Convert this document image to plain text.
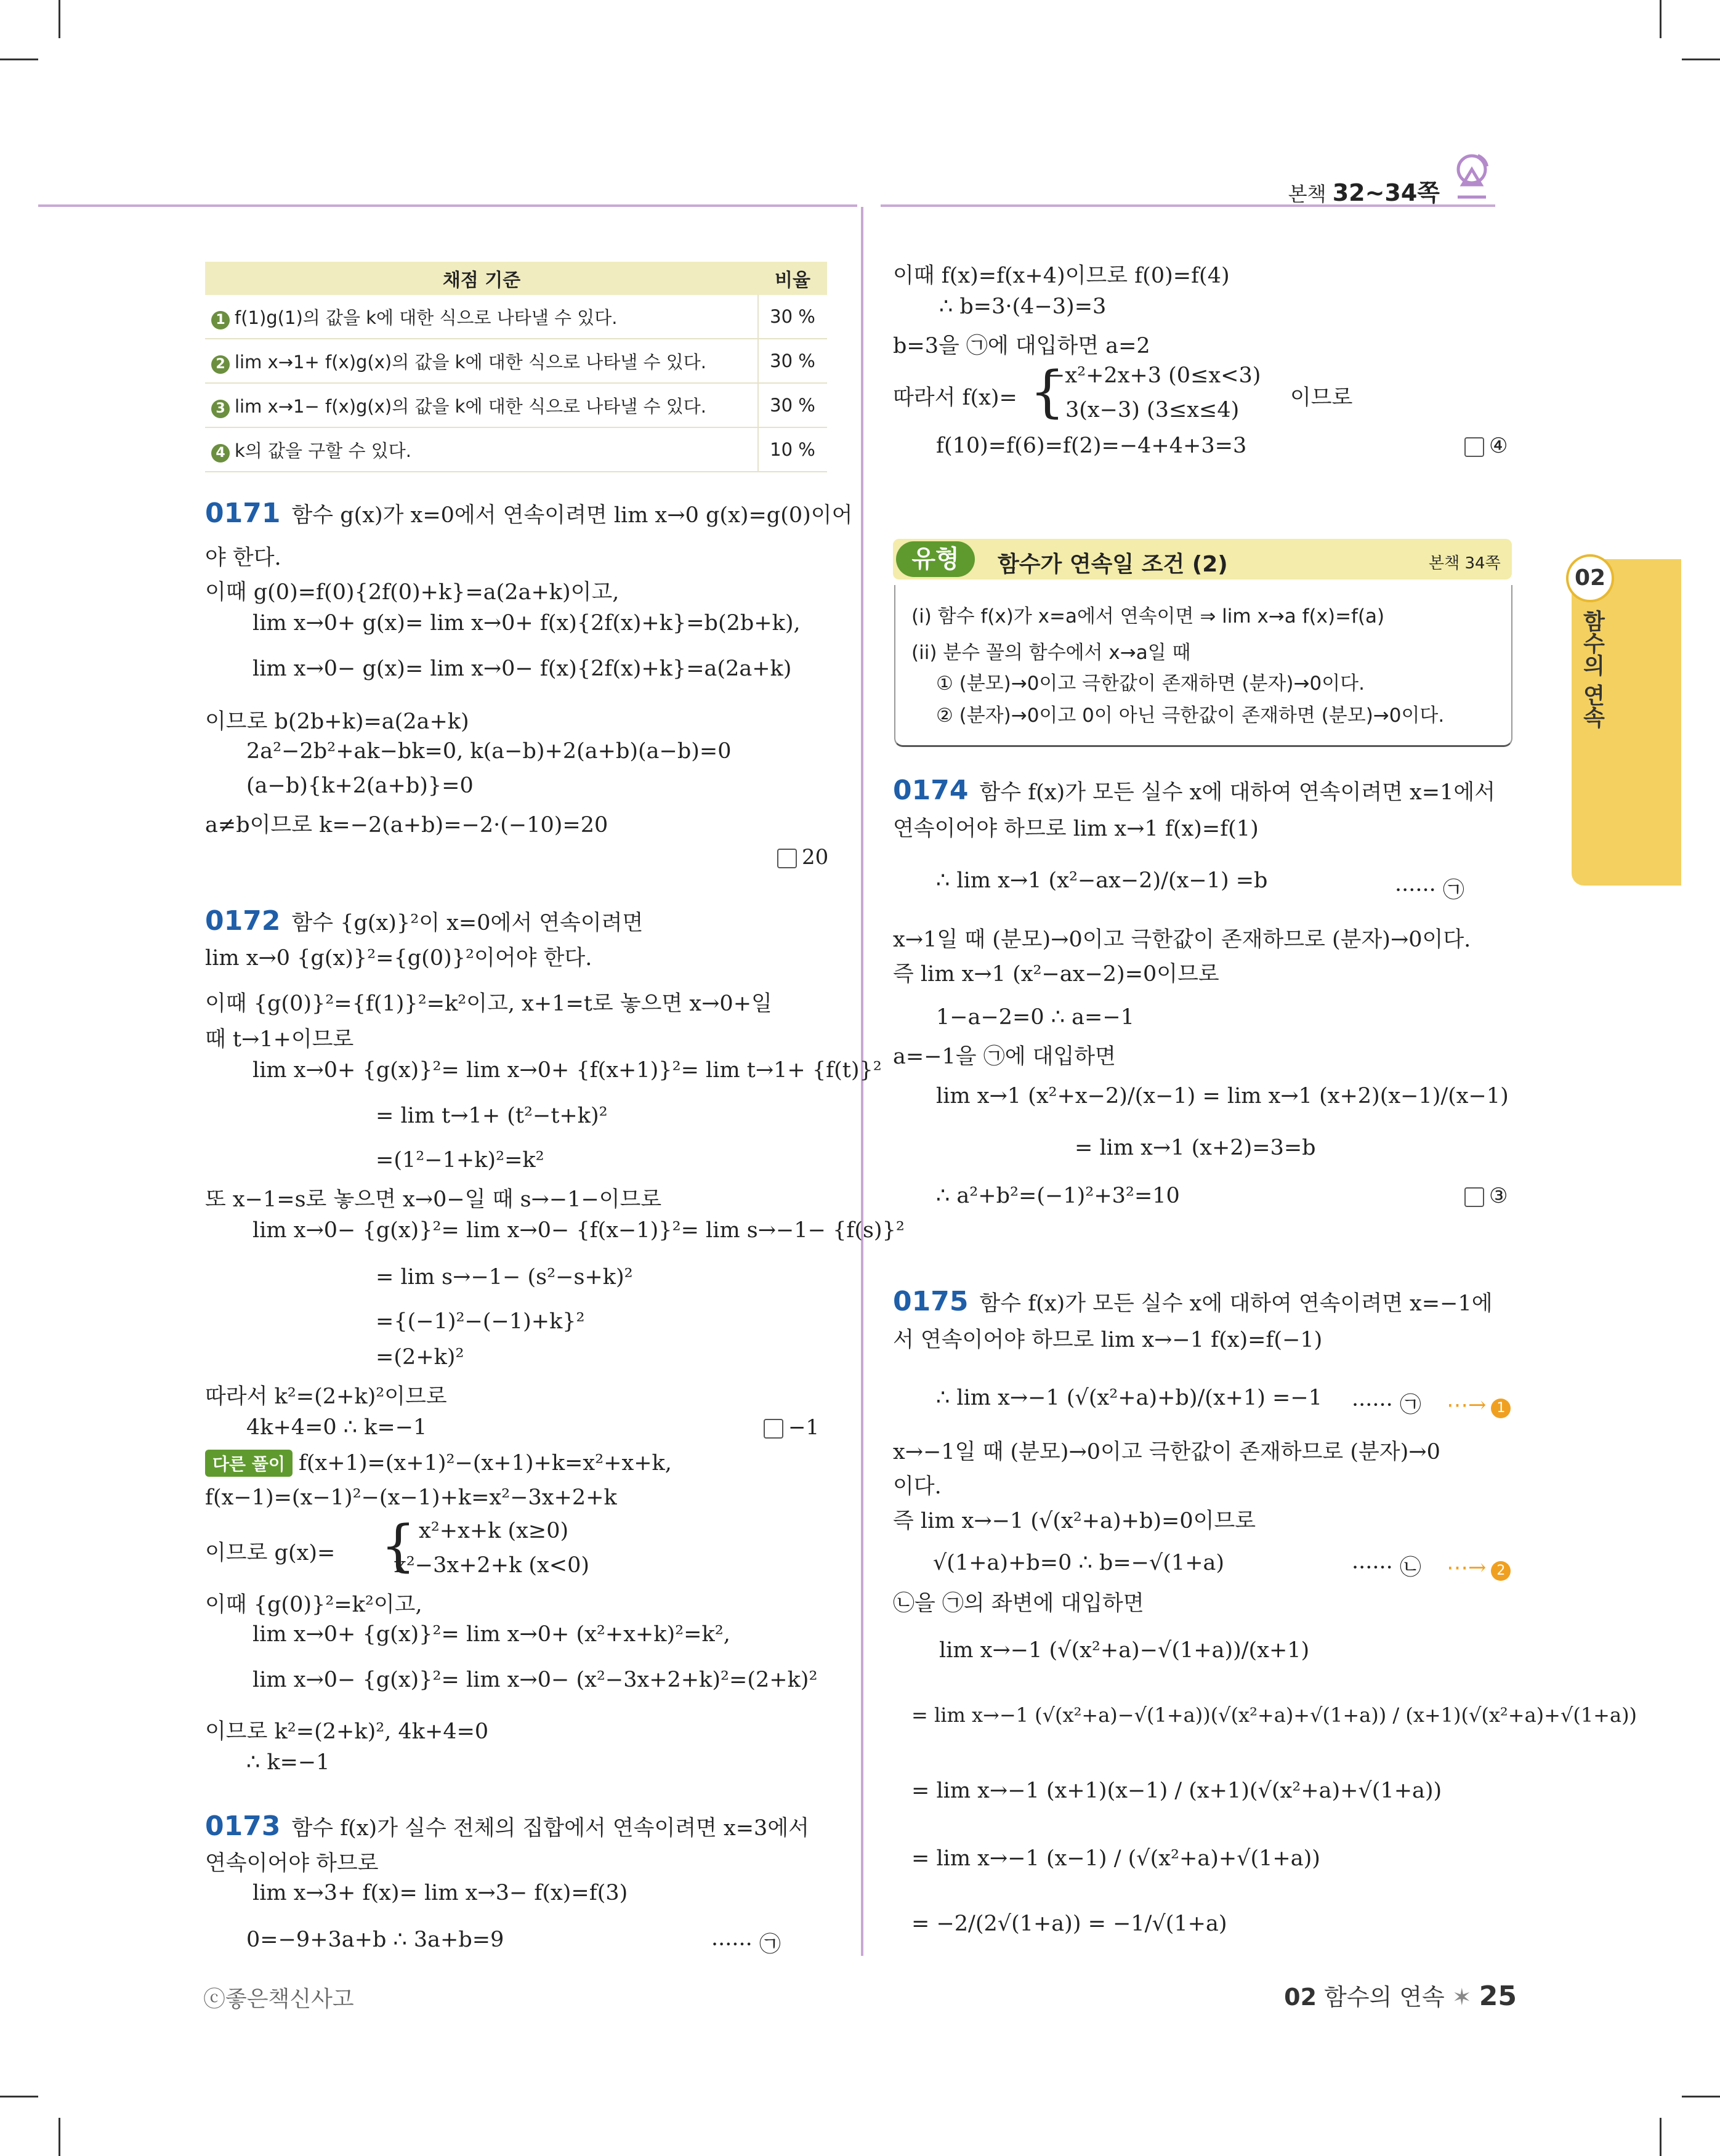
본책 32~34쪽
채점 기준	비율
1 f(1)g(1)의 값을 k에 대한 식으로 나타낼 수 있다.	30 %
2 lim x→1+ f(x)g(x)의 값을 k에 대한 식으로 나타낼 수 있다.	30 %
3 lim x→1− f(x)g(x)의 값을 k에 대한 식으로 나타낼 수 있다.	30 %
4 k의 값을 구할 수 있다.	10 %
0171 함수 g(x)가 x=0에서 연속이려면 lim x→0 g(x)=g(0)이어
야 한다.
이때 g(0)=f(0){2f(0)+k}=a(2a+k)이고,
lim x→0+ g(x)= lim x→0+ f(x){2f(x)+k}=b(2b+k),
lim x→0− g(x)= lim x→0− f(x){2f(x)+k}=a(2a+k)
이므로 b(2b+k)=a(2a+k)
2a²−2b²+ak−bk=0, k(a−b)+2(a+b)(a−b)=0
(a−b){k+2(a+b)}=0
a≠b이므로 k=−2(a+b)=−2·(−10)=20
20
0172 함수 {g(x)}²이 x=0에서 연속이려면
lim x→0 {g(x)}²={g(0)}²이어야 한다.
이때 {g(0)}²={f(1)}²=k²이고, x+1=t로 놓으면 x→0+일
때 t→1+이므로
lim x→0+ {g(x)}²= lim x→0+ {f(x+1)}²= lim t→1+ {f(t)}²
= lim t→1+ (t²−t+k)²
=(1²−1+k)²=k²
또 x−1=s로 놓으면 x→0−일 때 s→−1−이므로
lim x→0− {g(x)}²= lim x→0− {f(x−1)}²= lim s→−1− {f(s)}²
= lim s→−1− (s²−s+k)²
={(−1)²−(−1)+k}²
=(2+k)²
따라서 k²=(2+k)²이므로
4k+4=0 ∴ k=−1	−1
다른 풀이 f(x+1)=(x+1)²−(x+1)+k=x²+x+k,
f(x−1)=(x−1)²−(x−1)+k=x²−3x+2+k
x²+x+k (x≥0)
이므로 g(x)= {
x²−3x+2+k (x<0)
이때 {g(0)}²=k²이고,
lim x→0+ {g(x)}²= lim x→0+ (x²+x+k)²=k²,
lim x→0− {g(x)}²= lim x→0− (x²−3x+2+k)²=(2+k)²
이므로 k²=(2+k)², 4k+4=0
∴ k=−1
0173 함수 f(x)가 실수 전체의 집합에서 연속이려면 x=3에서
연속이어야 하므로
lim x→3+ f(x)= lim x→3− f(x)=f(3)
0=−9+3a+b ∴ 3a+b=9	······ ㉠
이때 f(x)=f(x+4)이므로 f(0)=f(4)
∴ b=3·(4−3)=3
b=3을 ㉠에 대입하면 a=2
−x²+2x+3 (0≤x<3)
따라서 f(x)= {	이므로
3(x−3) (3≤x≤4)
f(10)=f(6)=f(2)=−4+4+3=3	④
유형 05
함수가 연속일 조건 (2)	본책 34쪽
(i) 함수 f(x)가 x=a에서 연속이면 ⇒ lim x→a f(x)=f(a)
(ii) 분수 꼴의 함수에서 x→a일 때
① (분모)→0이고 극한값이 존재하면 (분자)→0이다.
② (분자)→0이고 0이 아닌 극한값이 존재하면 (분모)→0이다.
0174 함수 f(x)가 모든 실수 x에 대하여 연속이려면 x=1에서
연속이어야 하므로 lim x→1 f(x)=f(1)
∴ lim x→1 (x²−ax−2)/(x−1) =b	······ ㉠
x→1일 때 (분모)→0이고 극한값이 존재하므로 (분자)→0이다.
즉 lim x→1 (x²−ax−2)=0이므로
1−a−2=0 ∴ a=−1
a=−1을 ㉠에 대입하면
lim x→1 (x²+x−2)/(x−1) = lim x→1 (x+2)(x−1)/(x−1)
= lim x→1 (x+2)=3=b
∴ a²+b²=(−1)²+3²=10	③
0175 함수 f(x)가 모든 실수 x에 대하여 연속이려면 x=−1에
서 연속이어야 하므로 lim x→−1 f(x)=f(−1)
∴ lim x→−1 (√(x²+a)+b)/(x+1) =−1 ······ ㉠ ⋯→ 1
x→−1일 때 (분모)→0이고 극한값이 존재하므로 (분자)→0
이다.
즉 lim x→−1 (√(x²+a)+b)=0이므로
√(1+a)+b=0 ∴ b=−√(1+a)	······ ㉡ ⋯→ 2
㉡을 ㉠의 좌변에 대입하면
lim x→−1 (√(x²+a)−√(1+a))/(x+1)
= lim x→−1 (√(x²+a)−√(1+a))(√(x²+a)+√(1+a)) / (x+1)(√(x²+a)+√(1+a))
= lim x→−1 (x+1)(x−1) / (x+1)(√(x²+a)+√(1+a))
= lim x→−1 (x−1) / (√(x²+a)+√(1+a))
= −2/(2√(1+a)) = −1/√(1+a)
02
함수의 연속
ⓒ좋은책신사고	02 함수의 연속 ✶ 25
